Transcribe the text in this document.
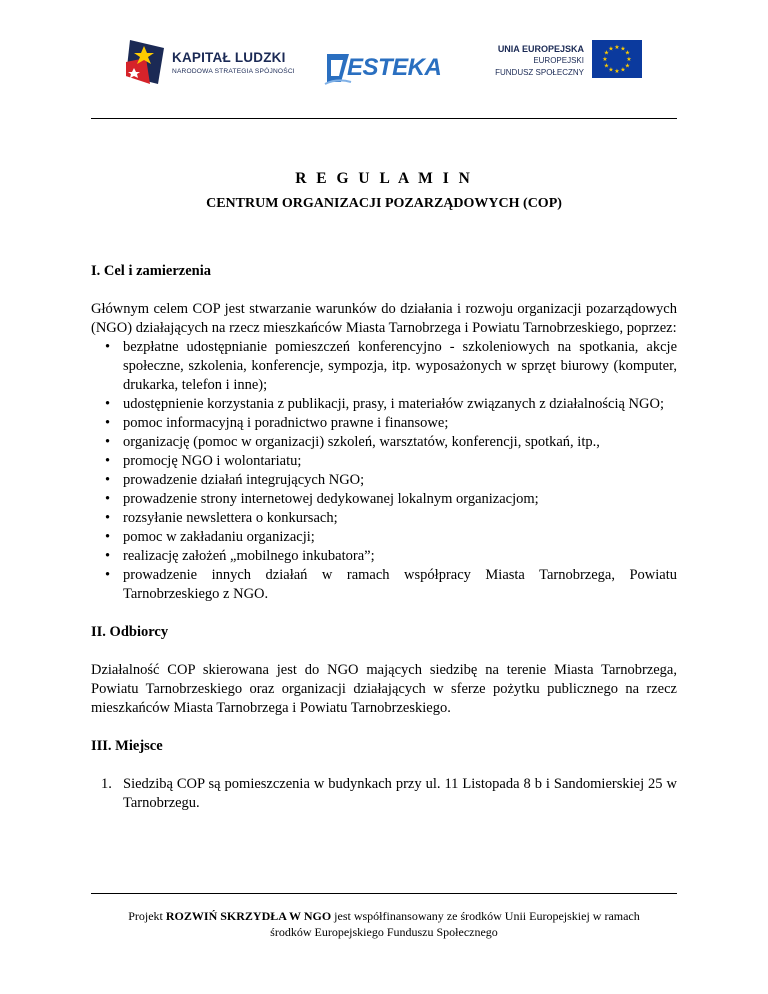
KAPITAŁ LUDZKI
NARODOWA STRATEGIA SPÓJNOŚCI ESTEKA
UNIA EUROPEJSKA
EUROPEJSKI
FUNDUSZ SPOŁECZNY
★ ★
★
★
★
★
★
★
★
★
★
★
R E G U L A M I N
CENTRUM ORGANIZACJI POZARZĄDOWYCH (COP)

I. Cel i zamierzenia

Głównym celem COP jest stwarzanie warunków do działania i rozwoju organizacji pozarządowych (NGO) działających na rzecz mieszkańców Miasta Tarnobrzega i Powiatu Tarnobrzeskiego, poprzez:

• bezpłatne udostępnianie pomieszczeń konferencyjno - szkoleniowych na spotkania, akcje społeczne, szkolenia, konferencje, sympozja, itp. wyposażonych w sprzęt biurowy (komputer, drukarka, telefon i inne);
• udostępnienie korzystania z publikacji, prasy, i materiałów związanych z działalnością NGO;
• pomoc informacyjną i poradnictwo prawne i finansowe;
• organizację (pomoc w organizacji) szkoleń, warsztatów, konferencji, spotkań, itp.,
• promocję NGO i wolontariatu;
• prowadzenie działań integrujących NGO;
• prowadzenie strony internetowej dedykowanej lokalnym organizacjom;
• rozsyłanie newslettera o konkursach;
• pomoc w zakładaniu organizacji;
• realizację założeń „mobilnego inkubatora”;
• prowadzenie innych działań w ramach współpracy Miasta Tarnobrzega, Powiatu Tarnobrzeskiego z NGO.

II. Odbiorcy

Działalność COP skierowana jest do NGO mających siedzibę na terenie Miasta Tarnobrzega, Powiatu Tarnobrzeskiego oraz organizacji działających w sferze pożytku publicznego na rzecz mieszkańców Miasta Tarnobrzega i Powiatu Tarnobrzeskiego.

III. Miejsce

1. Siedzibą COP są pomieszczenia w budynkach przy ul. 11 Listopada 8 b i Sandomierskiej 25 w Tarnobrzegu.
Projekt ROZWIŃ SKRZYDŁA W NGO jest współfinansowany ze środków Unii Europejskiej w ramach
środków Europejskiego Funduszu Społecznego
